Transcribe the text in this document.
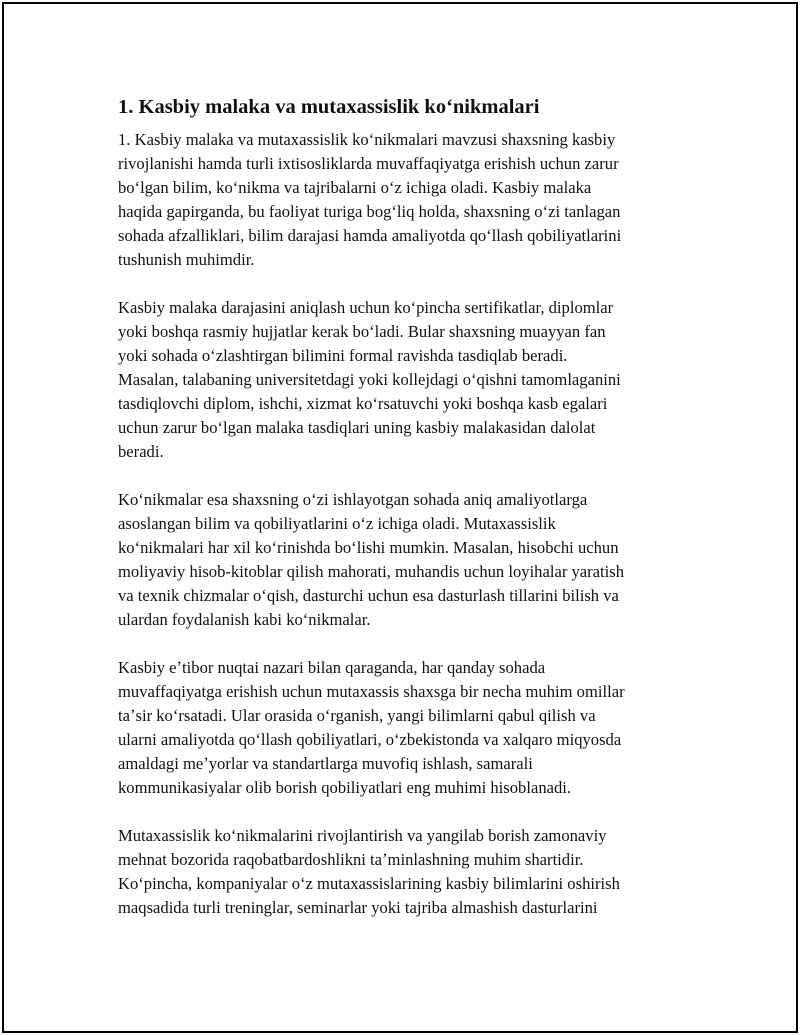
1. Kasbiy malaka va mutaxassislik koʻnikmalari

1. Kasbiy malaka va mutaxassislik koʻnikmalari mavzusi shaxsning kasbiy
rivojlanishi hamda turli ixtisosliklarda muvaffaqiyatga erishish uchun zarur
boʻlgan bilim, koʻnikma va tajribalarni oʻz ichiga oladi. Kasbiy malaka
haqida gapirganda, bu faoliyat turiga bogʻliq holda, shaxsning oʻzi tanlagan
sohada afzalliklari, bilim darajasi hamda amaliyotda qoʻllash qobiliyatlarini
tushunish muhimdir.

Kasbiy malaka darajasini aniqlash uchun koʻpincha sertifikatlar, diplomlar
yoki boshqa rasmiy hujjatlar kerak boʻladi. Bular shaxsning muayyan fan
yoki sohada oʻzlashtirgan bilimini formal ravishda tasdiqlab beradi.
Masalan, talabaning universitetdagi yoki kollejdagi oʻqishni tamomlaganini
tasdiqlovchi diplom, ishchi, xizmat koʻrsatuvchi yoki boshqa kasb egalari
uchun zarur boʻlgan malaka tasdiqlari uning kasbiy malakasidan dalolat
beradi.

Koʻnikmalar esa shaxsning oʻzi ishlayotgan sohada aniq amaliyotlarga
asoslangan bilim va qobiliyatlarini oʻz ichiga oladi. Mutaxassislik
koʻnikmalari har xil koʻrinishda boʻlishi mumkin. Masalan, hisobchi uchun
moliyaviy hisob-kitoblar qilish mahorati, muhandis uchun loyihalar yaratish
va texnik chizmalar oʻqish, dasturchi uchun esa dasturlash tillarini bilish va
ulardan foydalanish kabi koʻnikmalar.

Kasbiy eʼtibor nuqtai nazari bilan qaraganda, har qanday sohada
muvaffaqiyatga erishish uchun mutaxassis shaxsga bir necha muhim omillar
taʼsir koʻrsatadi. Ular orasida oʻrganish, yangi bilimlarni qabul qilish va
ularni amaliyotda qoʻllash qobiliyatlari, oʻzbekistonda va xalqaro miqyosda
amaldagi meʼyorlar va standartlarga muvofiq ishlash, samarali
kommunikasiyalar olib borish qobiliyatlari eng muhimi hisoblanadi.

Mutaxassislik koʻnikmalarini rivojlantirish va yangilab borish zamonaviy
mehnat bozorida raqobatbardoshlikni taʼminlashning muhim shartidir.
Koʻpincha, kompaniyalar oʻz mutaxassislarining kasbiy bilimlarini oshirish
maqsadida turli treninglar, seminarlar yoki tajriba almashish dasturlarini
